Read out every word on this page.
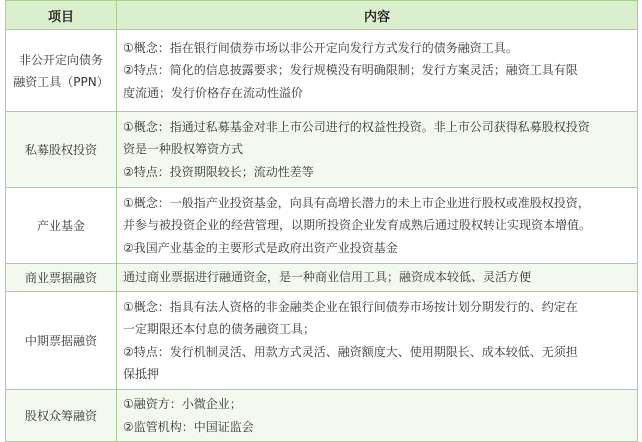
项目	内容

非公开定向债务
融资工具（PPN）	①概念：指在银行间债券市场以非公开定向发行方式发行的债务融资工具。
②特点：简化的信息披露要求；发行规模没有明确限制；发行方案灵活；融资工具有限
度流通；发行价格存在流动性溢价

私募股权投资	①概念：指通过私募基金对非上市公司进行的权益性投资。非上市公司获得私募股权投资
资是一种股权筹资方式
②特点：投资期限较长；流动性差等

产业基金	①概念：一般指产业投资基金，向具有高增长潜力的未上市企业进行股权或准股权投资，
并参与被投资企业的经营管理，以期所投资企业发育成熟后通过股权转让实现资本增值。
②我国产业基金的主要形式是政府出资产业投资基金

商业票据融资	通过商业票据进行融通资金，是一种商业信用工具；融资成本较低、灵活方便

中期票据融资	①概念：指具有法人资格的非金融类企业在银行间债券市场按计划分期发行的、约定在
一定期限还本付息的债务融资工具；
②特点：发行机制灵活、用款方式灵活、融资额度大、使用期限长、成本较低、无须担
保抵押

股权众筹融资	①融资方：小微企业；
②监管机构：中国证监会
